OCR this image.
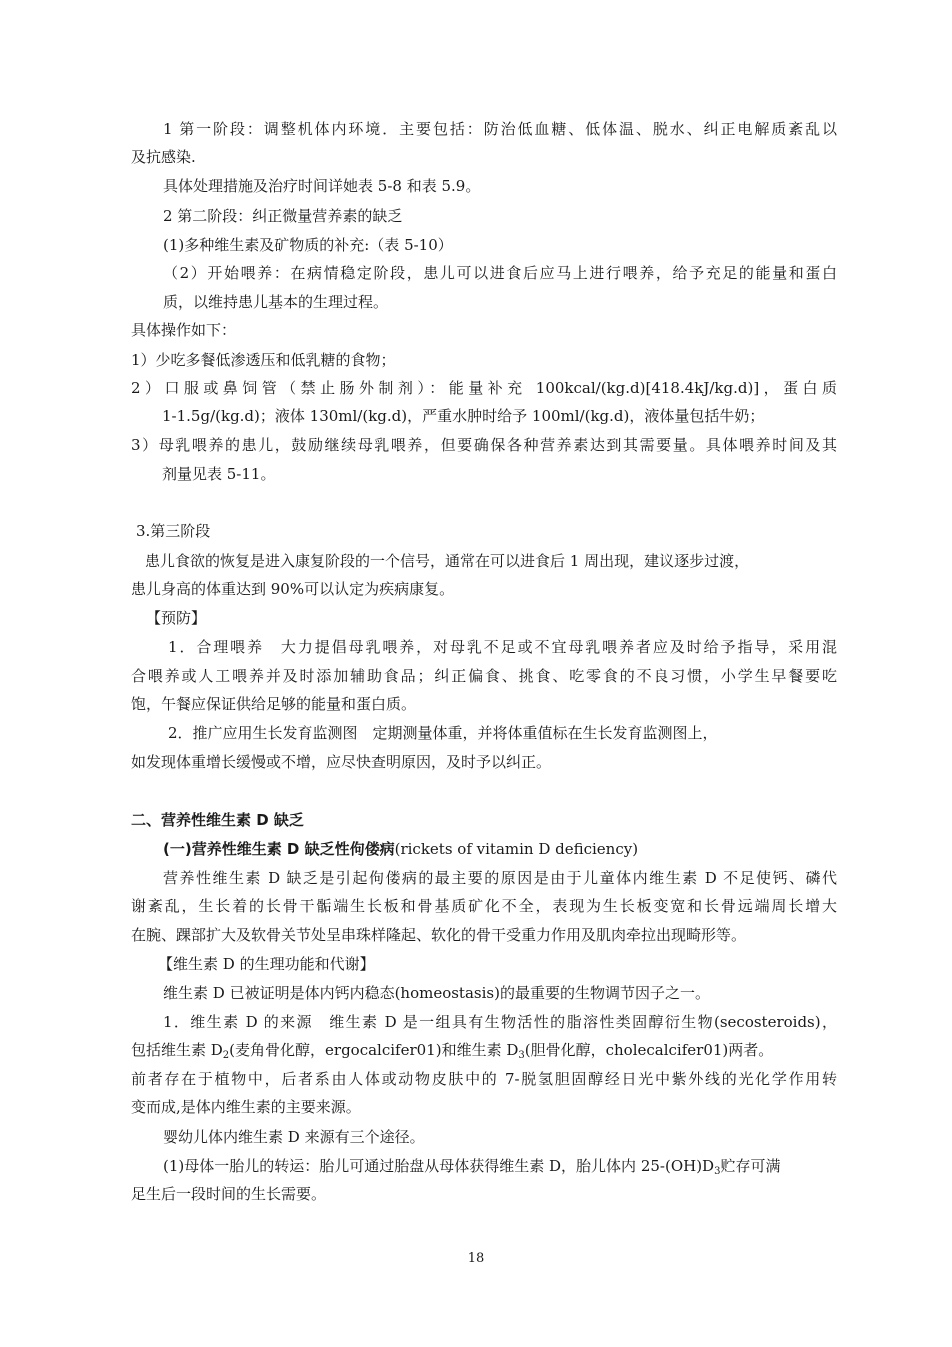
1 第一阶段：调整机体内环境．主要包括：防治低血糖、低体温、脱水、纠正电解质紊乱以
及抗感染.
具体处理措施及治疗时间详她表 5-8 和表 5.9。
2 第二阶段：纠正微量营养素的缺乏
(1)多种维生素及矿物质的补充:（表 5-10）
（2）开始喂养：在病情稳定阶段，患儿可以进食后应马上进行喂养，给予充足的能量和蛋白
质，以维持患儿基本的生理过程。
具体操作如下：
1）少吃多餐低渗透压和低乳糖的食物；
2）口服或鼻饲管（禁止肠外制剂）：能量补充 100kcal/(kg.d)[418.4kJ/kg.d)]，蛋白质
1-1.5g/(kg.d)；液体 130ml/(kg.d)，严重水肿时给予 100ml/(kg.d)，液体量包括牛奶；
3）母乳喂养的患儿，鼓励继续母乳喂养，但要确保各种营养素达到其需要量。具体喂养时间及其
剂量见表 5-11。
3.第三阶段
患儿食欲的恢复是进入康复阶段的一个信号，通常在可以进食后 1 周出现，建议逐步过渡，
患儿身高的体重达到 90%可以认定为疾病康复。
【预防】
1．合理喂养　大力提倡母乳喂养，对母乳不足或不宜母乳喂养者应及时给予指导，采用混
合喂养或人工喂养并及时添加辅助食品；纠正偏食、挑食、吃零食的不良习惯，小学生早餐要吃
饱，午餐应保证供给足够的能量和蛋白质。
2．推广应用生长发育监测图　定期测量体重，并将体重值标在生长发育监测图上，
如发现体重增长缓慢或不增，应尽快查明原因，及时予以纠正。
二、营养性维生素 D 缺乏
(一)营养性维生素 D 缺乏性佝偻病(rickets of vitamin D deficiency)
营养性维生素 D 缺乏是引起佝偻病的最主要的原因是由于儿童体内维生素 D 不足使钙、磷代
谢紊乱，生长着的长骨干骺端生长板和骨基质矿化不全，表现为生长板变宽和长骨远端周长增大
在腕、踝部扩大及软骨关节处呈串珠样隆起、软化的骨干受重力作用及肌肉牵拉出现畸形等。
【维生素 D 的生理功能和代谢】
维生素 D 已被证明是体内钙内稳态(homeostasis)的最重要的生物调节因子之一。
1．维生素 D 的来源　维生素 D 是一组具有生物活性的脂溶性类固醇衍生物(secosteroids)，
包括维生素 $D_2$(麦角骨化醇，ergocalcifer01)和维生素 $D_3$(胆骨化醇，cholecalcifer01)两者。
前者存在于植物中，后者系由人体或动物皮肤中的 7-脱氢胆固醇经日光中紫外线的光化学作用转
变而成,是体内维生素的主要来源。
婴幼儿体内维生素 D 来源有三个途径。
(1)母体一胎儿的转运：胎儿可通过胎盘从母体获得维生素 D，胎儿体内 $25-(OH)D_3$贮存可满
足生后一段时间的生长需要。
18
